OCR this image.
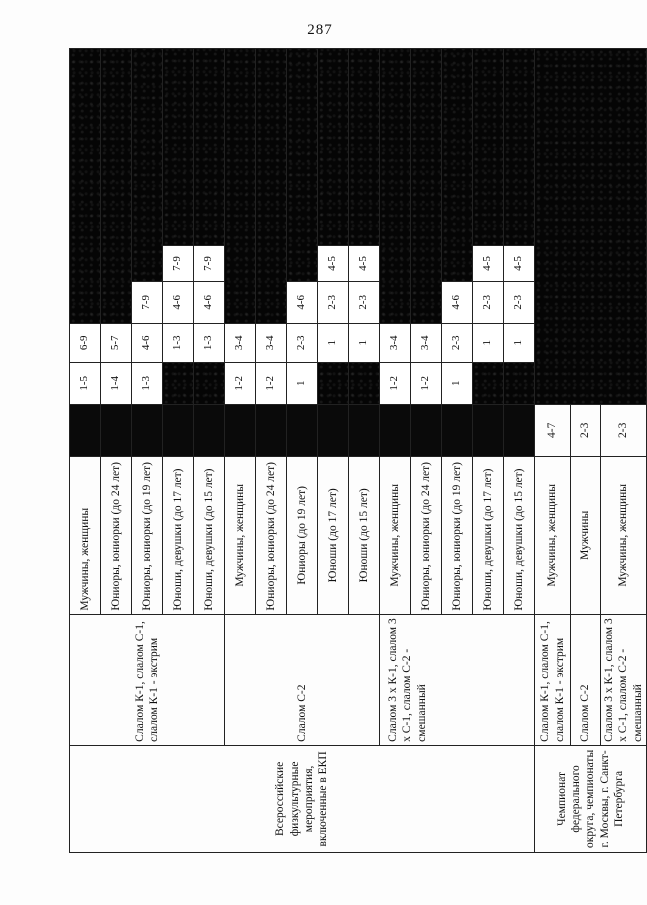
287
Всероссийские физкультурные мероприятия, включенные в ЕКП	Слалом К-1, слалом С-1, слалом К-1 - экстрим	Мужчины, женщины		1-5	6-9			
		Юниоры, юниорки (до 24 лет)		1-4	5-7			
		Юниоры, юниорки (до 19 лет)		1-3	4-6	7-9		
		Юноши, девушки (до 17 лет)			1-3	4-6	7-9	
		Юноши, девушки (до 15 лет)			1-3	4-6	7-9	
	Слалом С-2	Мужчины, женщины		1-2	3-4			
		Юниоры, юниорки (до 24 лет)		1-2	3-4			
		Юниоры (до 19 лет)		1	2-3	4-6		
		Юноши (до 17 лет)			1	2-3	4-5	
		Юноши (до 15 лет)			1	2-3	4-5	
	Слалом 3 х К-1, слалом 3 х С-1, слалом С-2 - смешанный	Мужчины, женщины		1-2	3-4			
		Юниоры, юниорки (до 24 лет)		1-2	3-4			
		Юниоры, юниорки (до 19 лет)		1	2-3	4-6		
		Юноши, девушки (до 17 лет)			1	2-3	4-5	
		Юноши, девушки (до 15 лет)			1	2-3	4-5	
Чемпионат федерального округа, чемпионаты г. Москвы, г. Санкт-Петербурга	Слалом К-1, слалом С-1, слалом К-1 - экстрим	Мужчины, женщины	4-7					
	Слалом С-2	Мужчины	2-3					
	Слалом 3 х К-1, слалом 3 х С-1, слалом С-2 - смешанный	Мужчины, женщины	2-3					
